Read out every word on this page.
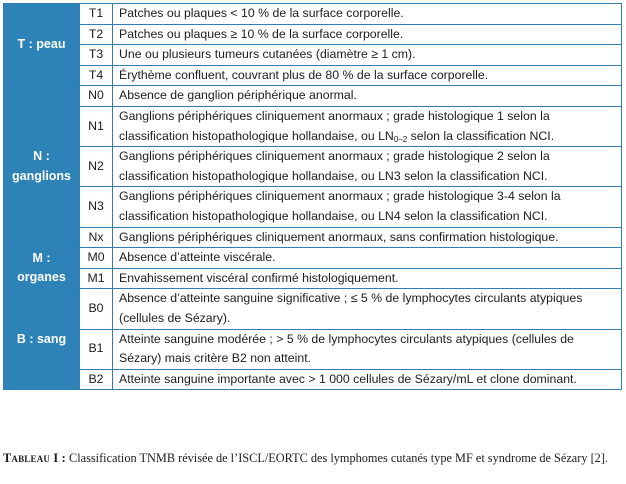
T : peau	T1	Patches ou plaques < 10 % de la surface corporelle.
	T2	Patches ou plaques ≥ 10 % de la surface corporelle.
	T3	Une ou plusieurs tumeurs cutanées (diamètre ≥ 1 cm).
	T4	Érythème confluent, couvrant plus de 80 % de la surface corporelle.
N : ganglions	N0	Absence de ganglion périphérique anormal.
	N1	Ganglions périphériques cliniquement anormaux ; grade histologique 1 selon la classification histopathologique hollandaise, ou $LN_{0-2}$ selon la classification NCI.
	N2	Ganglions périphériques cliniquement anormaux ; grade histologique 2 selon la classification histopathologique hollandaise, ou LN3 selon la classification NCI.
	N3	Ganglions périphériques cliniquement anormaux ; grade histologique 3-4 selon la classification histopathologique hollandaise, ou LN4 selon la classification NCI.
	Nx	Ganglions périphériques cliniquement anormaux, sans confirmation histologique.
M : organes	M0	Absence d’atteinte viscérale.
	M1	Envahissement viscéral confirmé histologiquement.
B : sang	B0	Absence d’atteinte sanguine significative ; ≤ 5 % de lymphocytes circulants atypiques (cellules de Sézary).
	B1	Atteinte sanguine modérée ; > 5 % de lymphocytes circulants atypiques (cellules de Sézary) mais critère B2 non atteint.
	B2	Atteinte sanguine importante avec > 1 000 cellules de Sézary/mL et clone dominant.
Tableau I : Classification TNMB révisée de l’ISCL/EORTC des lymphomes cutanés type MF et syndrome de Sézary [2].
